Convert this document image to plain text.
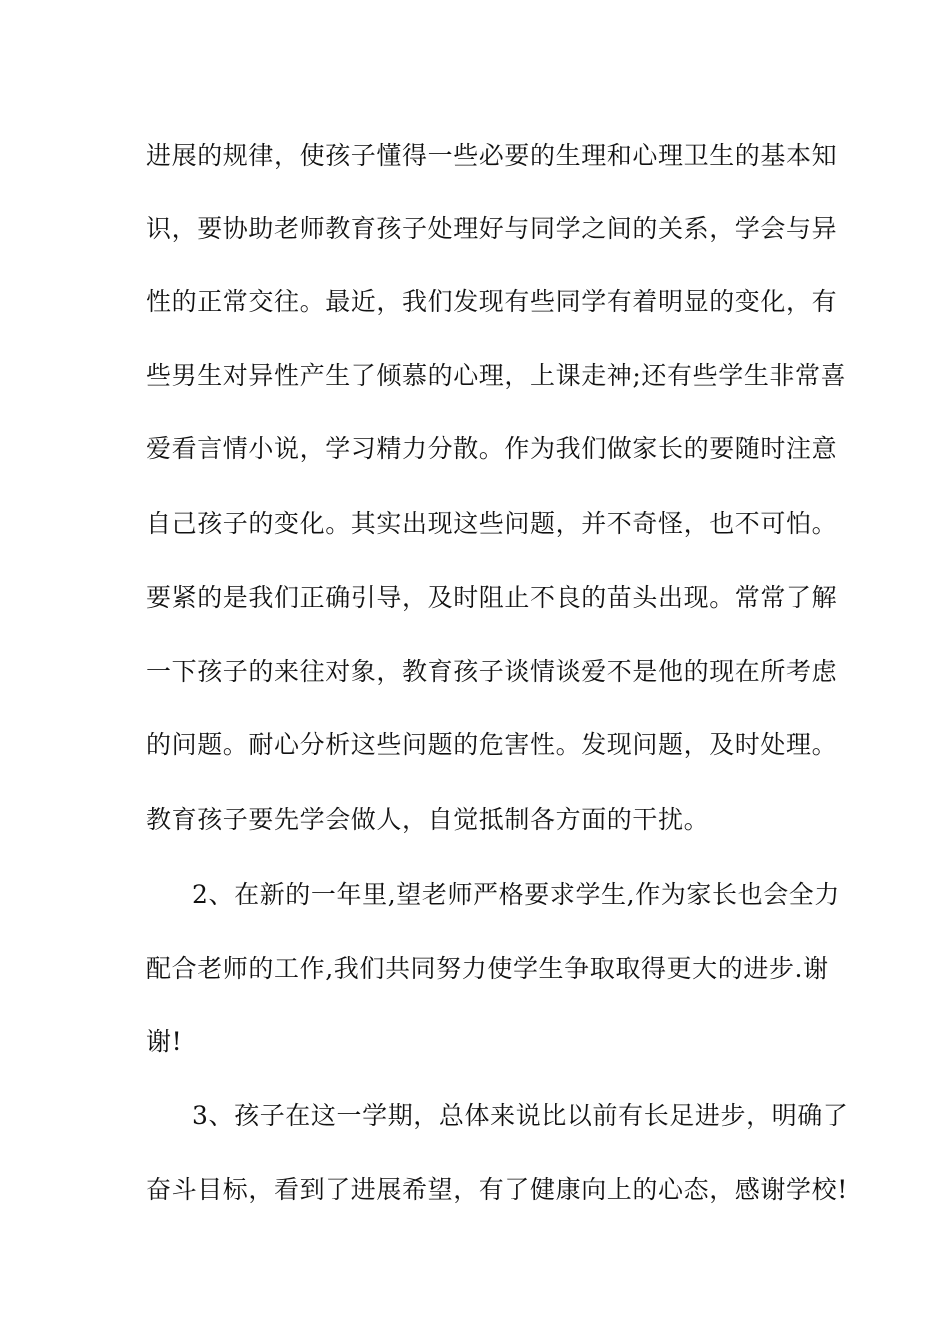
进展的规律，使孩子懂得一些必要的生理和心理卫生的基本知
识，要协助老师教育孩子处理好与同学之间的关系，学会与异
性的正常交往。最近，我们发现有些同学有着明显的变化，有
些男生对异性产生了倾慕的心理，上课走神;还有些学生非常喜
爱看言情小说，学习精力分散。作为我们做家长的要随时注意
自己孩子的变化。其实出现这些问题，并不奇怪，也不可怕。
要紧的是我们正确引导，及时阻止不良的苗头出现。常常了解
一下孩子的来往对象，教育孩子谈情谈爱不是他的现在所考虑
的问题。耐心分析这些问题的危害性。发现问题，及时处理。
教育孩子要先学会做人，自觉抵制各方面的干扰。
2、在新的一年里,望老师严格要求学生,作为家长也会全力
配合老师的工作,我们共同努力使学生争取取得更大的进步.谢
谢!
3、孩子在这一学期，总体来说比以前有长足进步，明确了
奋斗目标，看到了进展希望，有了健康向上的心态，感谢学校!
